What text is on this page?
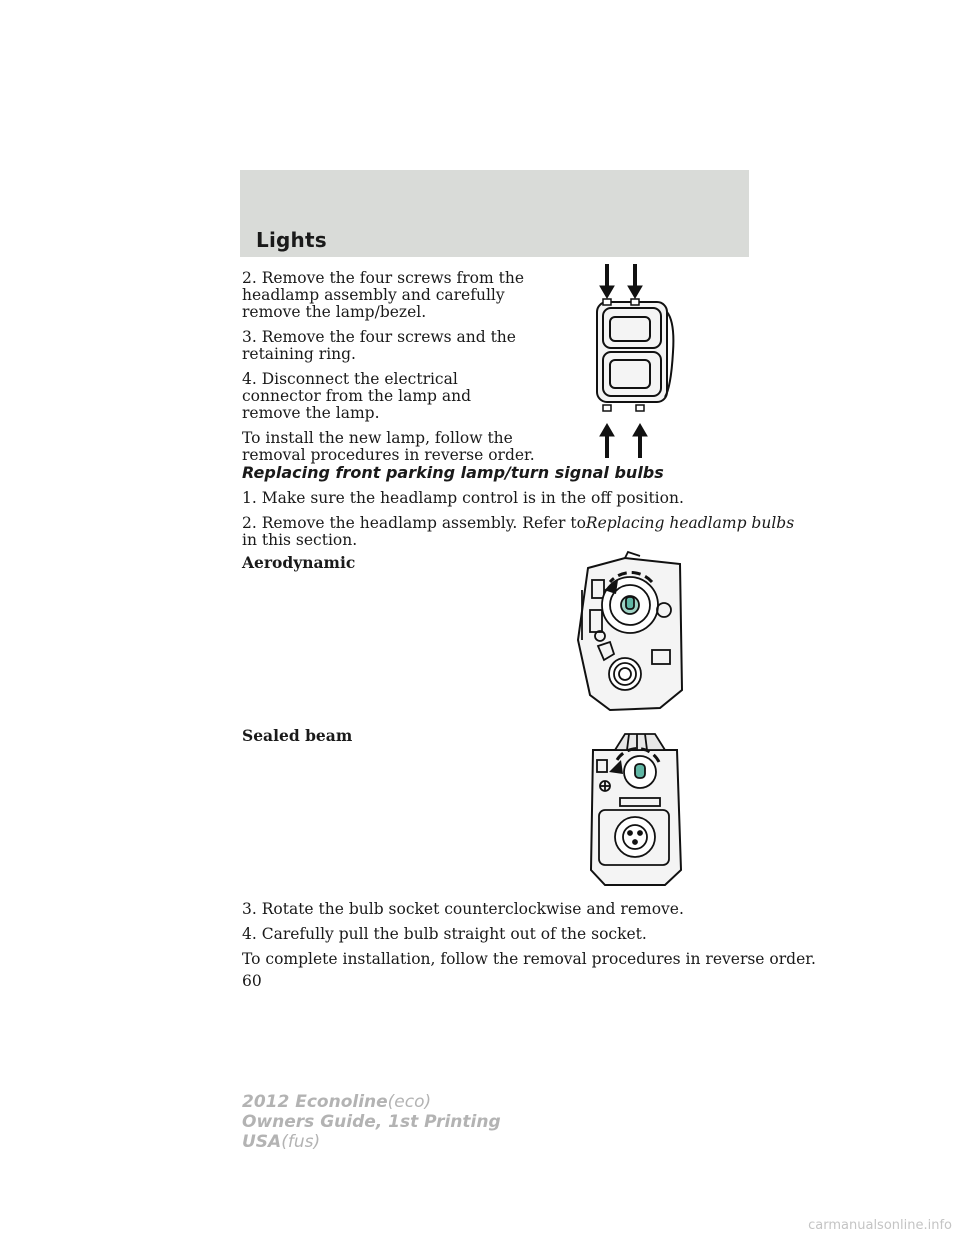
Lights

2. Remove the four screws from the

headlamp assembly and carefully

remove the lamp/bezel.

3. Remove the four screws and the

retaining ring.

4. Disconnect the electrical

connector from the lamp and

remove the lamp.

To install the new lamp, follow the

removal procedures in reverse order.

Replacing front parking lamp/turn signal bulbs

1. Make sure the headlamp control is in the off position.

2. Remove the headlamp assembly. Refer toReplacing headlamp bulbs

in this section.

Aerodynamic

Sealed beam

3. Rotate the bulb socket counterclockwise and remove.

4. Carefully pull the bulb straight out of the socket.

To complete installation, follow the removal procedures in reverse order.

60
2012 Econoline(eco)
Owners Guide, 1st Printing
USA(fus)
carmanualsonline.info
